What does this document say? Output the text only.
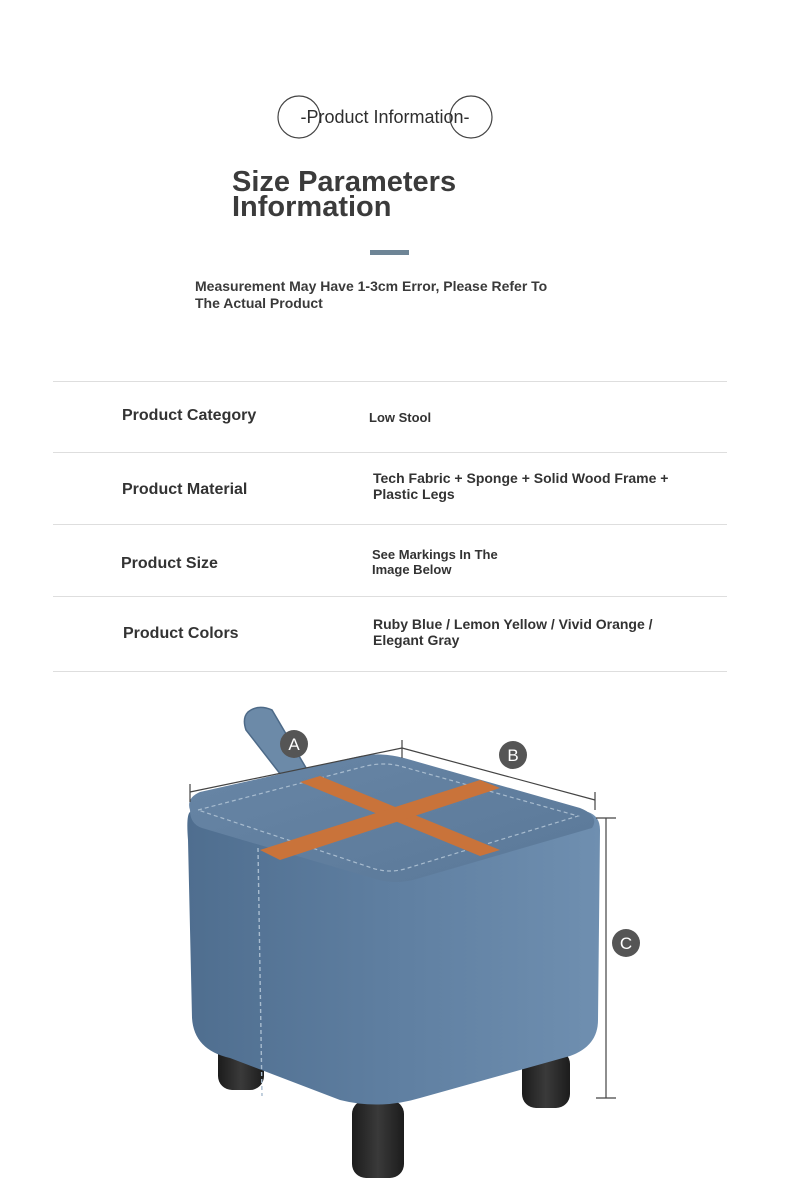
-Product Information-
Size Parameters Information
Measurement May Have 1-3cm Error, Please Refer To The Actual Product
Product Category	Low Stool
Product Material
Tech Fabric + Sponge + Solid Wood Frame + Plastic Legs
Product Size
See Markings In The Image Below
Product Colors
Ruby Blue / Lemon Yellow / Vivid Orange / Elegant Gray
A
B
C
